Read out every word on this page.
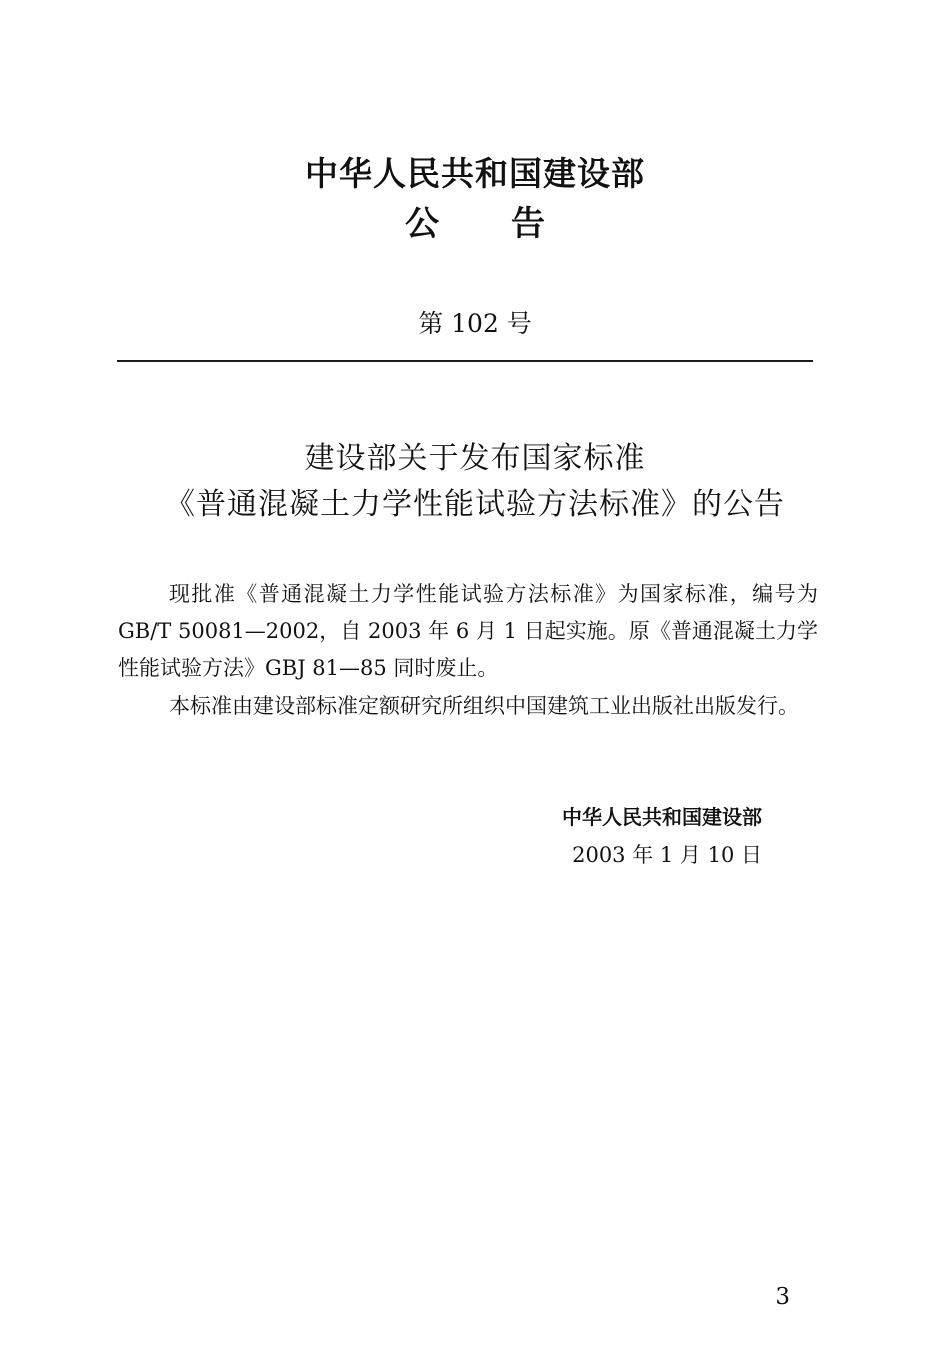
中华人民共和国建设部
公告
第 102 号
建设部关于发布国家标准
《普通混凝土力学性能试验方法标准》的公告

现批准《普通混凝土力学性能试验方法标准》为国家标准，编号为 GB/T 50081—2002，自 2003 年 6 月 1 日起实施。原《普通混凝土力学性能试验方法》GBJ 81—85 同时废止。

本标准由建设部标准定额研究所组织中国建筑工业出版社出版发行。

中华人民共和国建设部
2003 年 1 月 10 日
3
